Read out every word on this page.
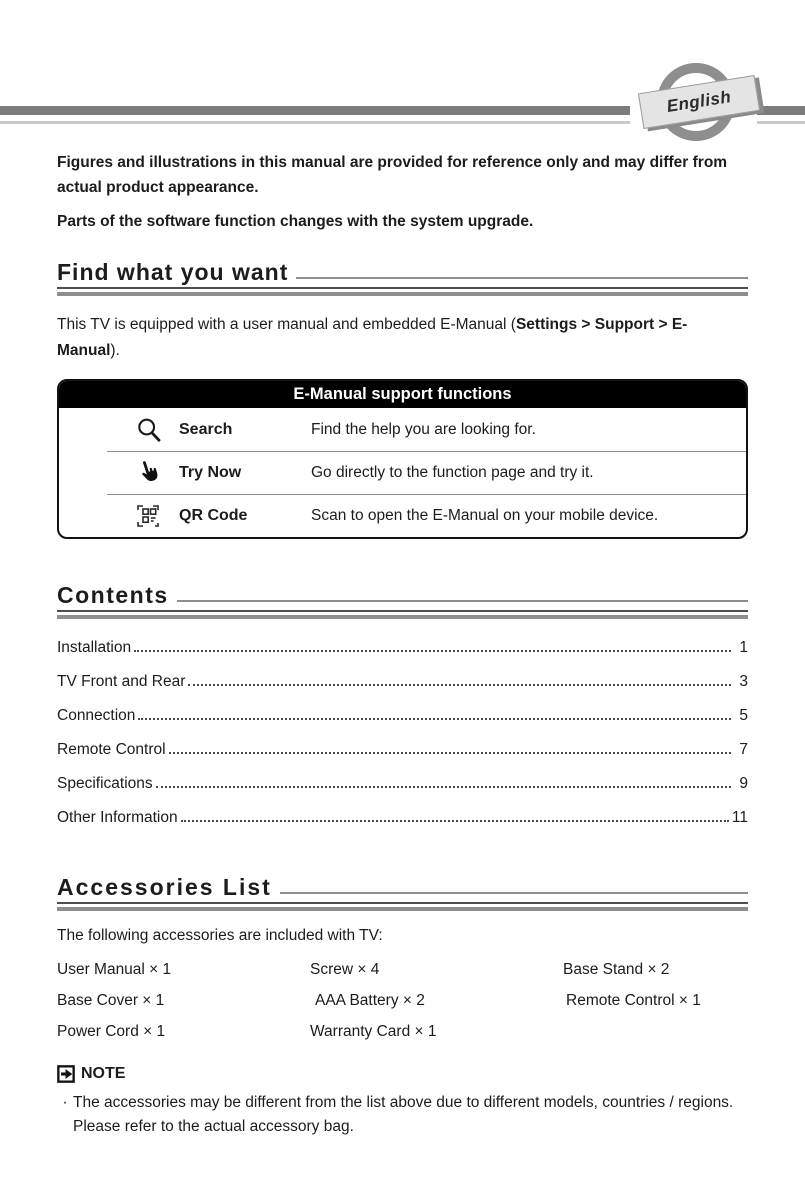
English

Figures and illustrations in this manual are provided for reference only and may differ from actual product appearance.

Parts of the software function changes with the system upgrade.

Find what you want

This TV is equipped with a user manual and embedded E-Manual (Settings > Support > E-Manual).

E-Manual support functions
Search	Find the help you are looking for.
Try Now	Go directly to the function page and try it.
QR Code	Scan to open the E-Manual on your mobile device.
Contents
Installation	1
TV Front and Rear	3
Connection	5
Remote Control	7
Specifications	9
Other Information	11
Accessories List

The following accessories are included with TV:

User Manual × 1	Screw × 4	Base Stand × 2
Base Cover × 1	AAA Battery × 2	Remote Control × 1
Power Cord × 1	Warranty Card × 1
NOTE
· The accessories may be different from the list above due to different models, countries / regions. Please refer to the actual accessory bag.
